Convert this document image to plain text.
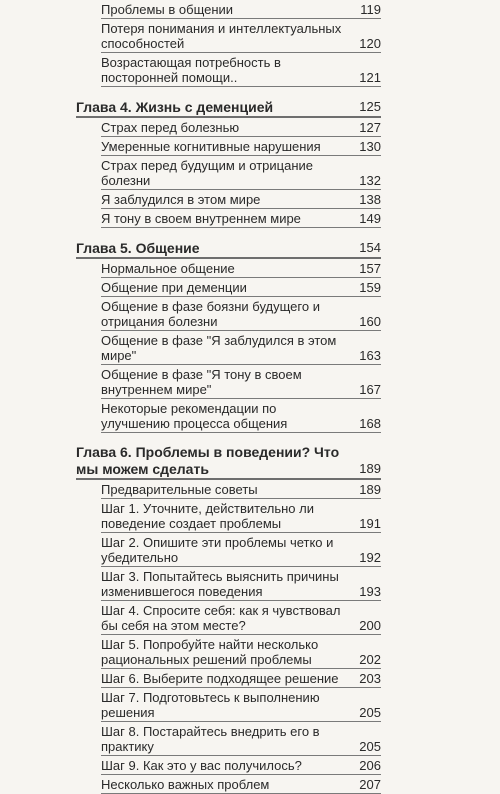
Проблемы в общении	119
Потеря понимания и интеллектуальных способностей	120
Возрастающая потребность в посторонней помощи..	121
Глава 4. Жизнь с деменцией	125
Страх перед болезнью	127
Умеренные когнитивные нарушения	130
Страх перед будущим и отрицание болезни	132
Я заблудился в этом мире	138
Я тону в своем внутреннем мире	149
Глава 5. Общение	154
Нормальное общение	157
Общение при деменции	159
Общение в фазе боязни будущего и отрицания болезни	160
Общение в фазе "Я заблудился в этом мире"	163
Общение в фазе "Я тону в своем внутреннем мире"	167
Некоторые рекомендации по улучшению процесса общения	168
Глава 6. Проблемы в поведении? Что мы можем сделать	189
Предварительные советы	189
Шаг 1. Уточните, действительно ли поведение создает проблемы	191
Шаг 2. Опишите эти проблемы четко и убедительно	192
Шаг 3. Попытайтесь выяснить причины изменившегося поведения	193
Шаг 4. Спросите себя: как я чувствовал бы себя на этом месте?	200
Шаг 5. Попробуйте найти несколько рациональных решений проблемы	202
Шаг 6. Выберите подходящее решение	203
Шаг 7. Подготовьтесь к выполнению решения	205
Шаг 8. Постарайтесь внедрить его в практику	205
Шаг 9. Как это у вас получилось?	206
Несколько важных проблем	207
